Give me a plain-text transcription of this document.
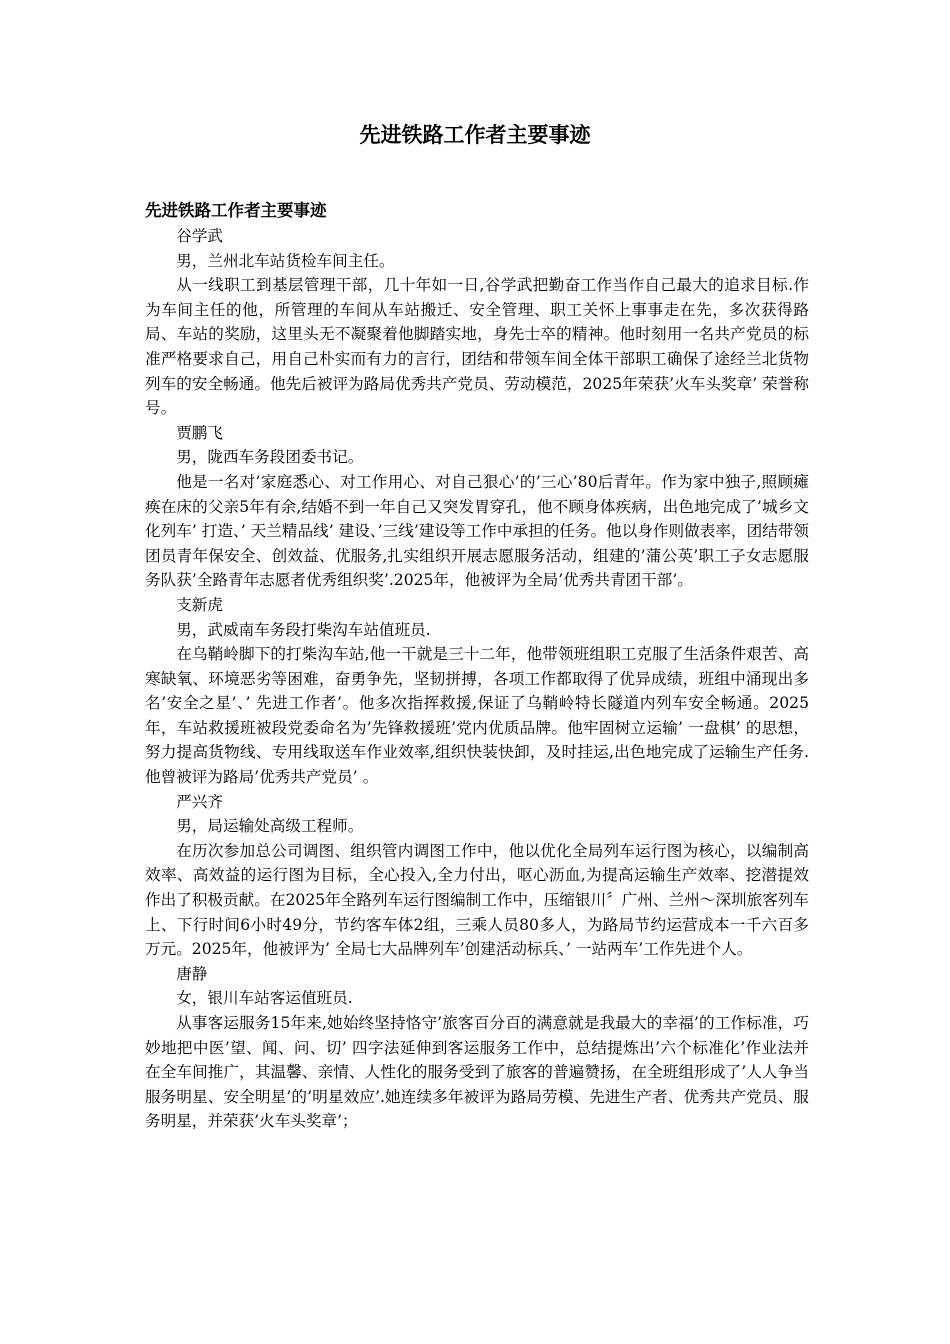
先进铁路工作者主要事迹
先进铁路工作者主要事迹

谷学武

男，兰州北车站货检车间主任。

从一线职工到基层管理干部，几十年如一日,谷学武把勤奋工作当作自己最大的追求目标.作为车间主任的他，所管理的车间从车站搬迁、安全管理、职工关怀上事事走在先，多次获得路局、车站的奖励，这里头无不凝聚着他脚踏实地，身先士卒的精神。他时刻用一名共产党员的标准严格要求自己，用自己朴实而有力的言行，团结和带领车间全体干部职工确保了途经兰北货物列车的安全畅通。他先后被评为路局优秀共产党员、劳动模范，2025年荣获’火车头奖章’ 荣誉称号。

贾鹏飞

男，陇西车务段团委书记。

他是一名对’家庭悉心、对工作用心、对自己狠心’的’三心’80后青年。作为家中独子,照顾瘫痪在床的父亲5年有余,结婚不到一年自己又突发胃穿孔，他不顾身体疾病，出色地完成了’城乡文化列车’ 打造、’ 天兰精品线’ 建设、’三线’建设等工作中承担的任务。他以身作则做表率，团结带领团员青年保安全、创效益、优服务,扎实组织开展志愿服务活动，组建的’蒲公英’职工子女志愿服务队获’全路青年志愿者优秀组织奖’.2025年，他被评为全局’优秀共青团干部’。

支新虎

男，武威南车务段打柴沟车站值班员.

在乌鞘岭脚下的打柴沟车站,他一干就是三十二年，他带领班组职工克服了生活条件艰苦、高寒缺氧、环境恶劣等困难，奋勇争先，坚韧拼搏，各项工作都取得了优异成绩，班组中涌现出多名’安全之星’、’ 先进工作者’。他多次指挥救援,保证了乌鞘岭特长隧道内列车安全畅通。2025年，车站救援班被段党委命名为’先锋救援班’党内优质品牌。他牢固树立运输’ 一盘棋’ 的思想，努力提高货物线、专用线取送车作业效率,组织快装快卸，及时挂运,出色地完成了运输生产任务.他曾被评为路局’优秀共产党员’ 。

严兴齐

男，局运输处高级工程师。

在历次参加总公司调图、组织管内调图工作中，他以优化全局列车运行图为核心，以编制高效率、高效益的运行图为目标，全心投入,全力付出，呕心沥血,为提高运输生产效率、挖潜提效作出了积极贡献。在2025年全路列车运行图编制工作中，压缩银川〞广州、兰州～深圳旅客列车上、下行时间6小时49分，节约客车体2组，三乘人员80多人，为路局节约运营成本一千六百多万元。2025年，他被评为’ 全局七大品牌列车’创建活动标兵、’ 一站两车’工作先进个人。

唐静

女，银川车站客运值班员.

从事客运服务15年来,她始终坚持恪守’旅客百分百的满意就是我最大的幸福’的工作标准，巧妙地把中医’望、闻、问、切’ 四字法延伸到客运服务工作中，总结提炼出’六个标准化’作业法并在全车间推广，其温馨、亲情、人性化的服务受到了旅客的普遍赞扬，在全班组形成了’人人争当服务明星、安全明星’的’明星效应’.她连续多年被评为路局劳模、先进生产者、优秀共产党员、服务明星，并荣获’火车头奖章’；
